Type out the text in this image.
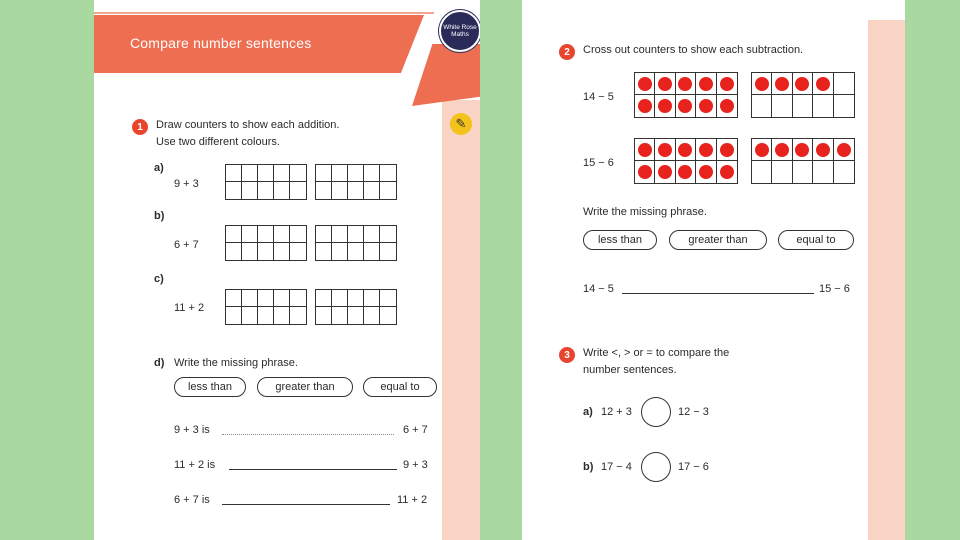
Compare number sentences
White Rose Maths
✎
1	Draw counters to show each addition.
Use two different colours.
a)
9 + 3
b)
6 + 7
c)
11 + 2
d) Write the missing phrase.
less than	greater than	equal to
9 + 3 is	6 + 7
11 + 2 is	9 + 3
6 + 7 is	11 + 2
2	Cross out counters to show each subtraction.
14 − 5
15 − 6
Write the missing phrase.
less than	greater than	equal to
14 − 5	15 − 6
3	Write <, > or = to compare the
number sentences.
a) 12 + 3	12 − 3
b) 17 − 4	17 − 6
